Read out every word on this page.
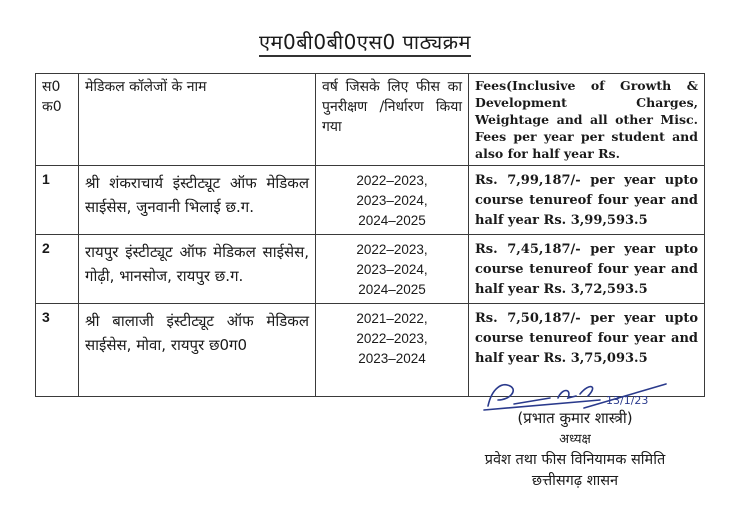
एम0बी0बी0एस0 पाठ्यक्रम
स0 क0	मेडिकल कॉलेजों के नाम	वर्ष जिसके लिए फीस का पुनरीक्षण /निर्धारण किया गया	Fees(Inclusive of Growth & Development Charges, Weightage and all other Misc. Fees per year per student and also for half year Rs.
1	श्री शंकराचार्य इंस्टीट्यूट ऑफ मेडिकल साईसेस, जुनवानी भिलाई छ.ग.	2022–2023,
2023–2024,
2024–2025	Rs. 7,99,187/- per year upto course tenureof four year and half year Rs. 3,99,593.5
2	रायपुर इंस्टीट्यूट ऑफ मेडिकल साईसेस, गोढ़ी, भानसोज, रायपुर छ.ग.	2022–2023,
2023–2024,
2024–2025	Rs. 7,45,187/- per year upto course tenureof four year and half year Rs. 3,72,593.5
3	श्री बालाजी इंस्टीट्यूट ऑफ मेडिकल साईसेस, मोवा, रायपुर छ0ग0	2021–2022,
2022–2023,
2023–2024	Rs. 7,50,187/- per year upto course tenureof four year and half year Rs. 3,75,093.5
13/1/23
(प्रभात कुमार शास्त्री)
अध्यक्ष
प्रवेश तथा फीस विनियामक समिति
छत्तीसगढ़ शासन
